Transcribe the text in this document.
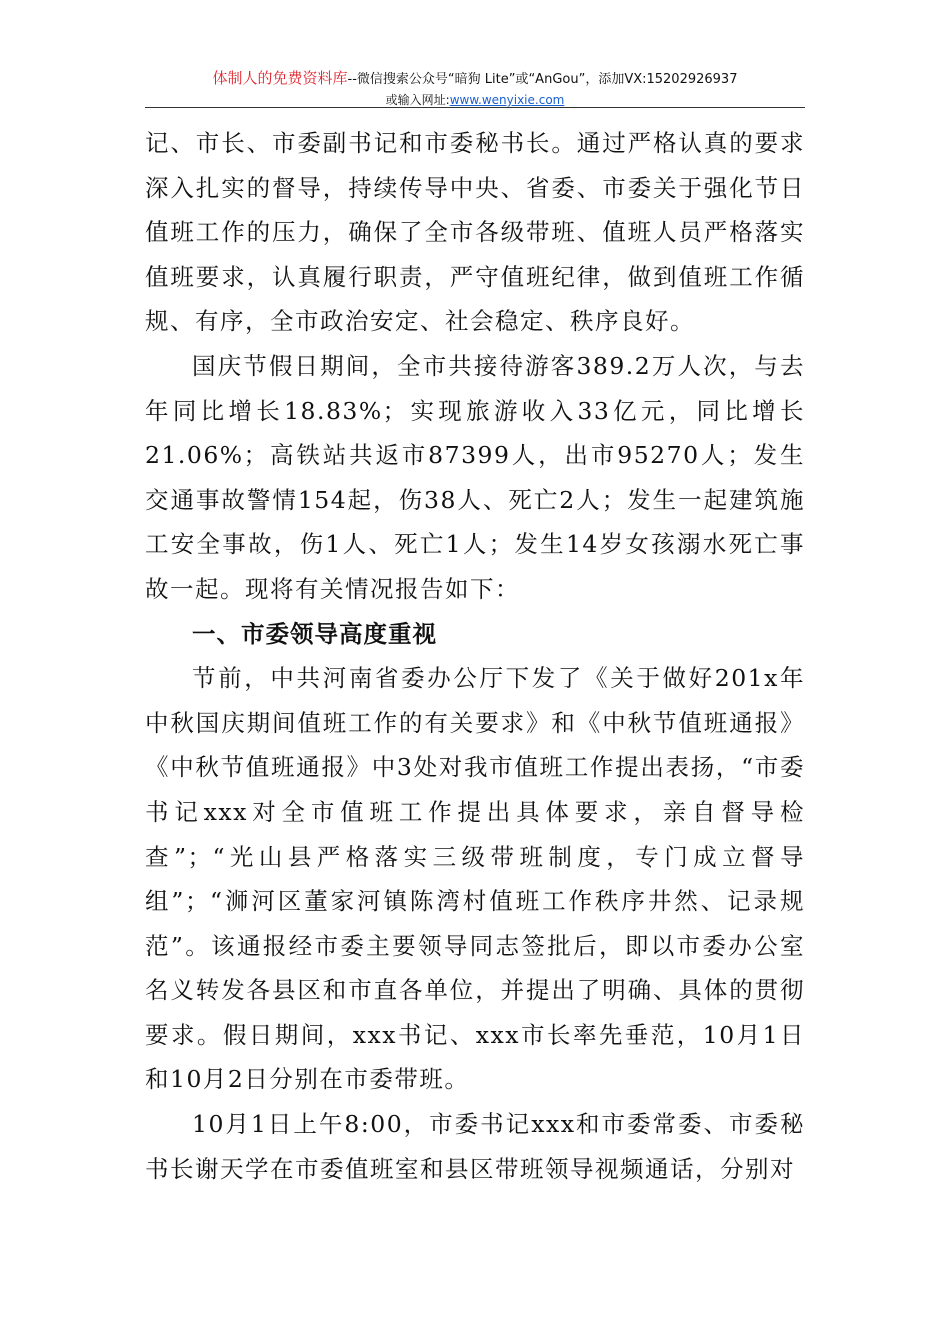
体制人的免费资料库--微信搜索公众号“暗狗 Lite”或“AnGou”，添加VX:15202926937
或输入网址:www.wenyixie.com

记、市长、市委副书记和市委秘书长。通过严格认真的要求深入扎实的督导，持续传导中央、省委、市委关于强化节日值班工作的压力，确保了全市各级带班、值班人员严格落实值班要求，认真履行职责，严守值班纪律，做到值班工作循规、有序，全市政治安定、社会稳定、秩序良好。

国庆节假日期间，全市共接待游客389.2万人次，与去年同比增长18.83%；实现旅游收入33亿元，同比增长21.06%；高铁站共返市87399人，出市95270人；发生交通事故警情154起，伤38人、死亡2人；发生一起建筑施工安全事故，伤1人、死亡1人；发生14岁女孩溺水死亡事故一起。现将有关情况报告如下：

一、市委领导高度重视

节前，中共河南省委办公厅下发了《关于做好201x年中秋国庆期间值班工作的有关要求》和《中秋节值班通报》《中秋节值班通报》中3处对我市值班工作提出表扬，“市委书记xxx对全市值班工作提出具体要求，亲自督导检查”；“光山县严格落实三级带班制度，专门成立督导组”；“浉河区董家河镇陈湾村值班工作秩序井然、记录规范”。该通报经市委主要领导同志签批后，即以市委办公室名义转发各县区和市直各单位，并提出了明确、具体的贯彻要求。假日期间，xxx书记、xxx市长率先垂范，10月1日和10月2日分别在市委带班。

10月1日上午8:00，市委书记xxx和市委常委、市委秘书长谢天学在市委值班室和县区带班领导视频通话，分别对
